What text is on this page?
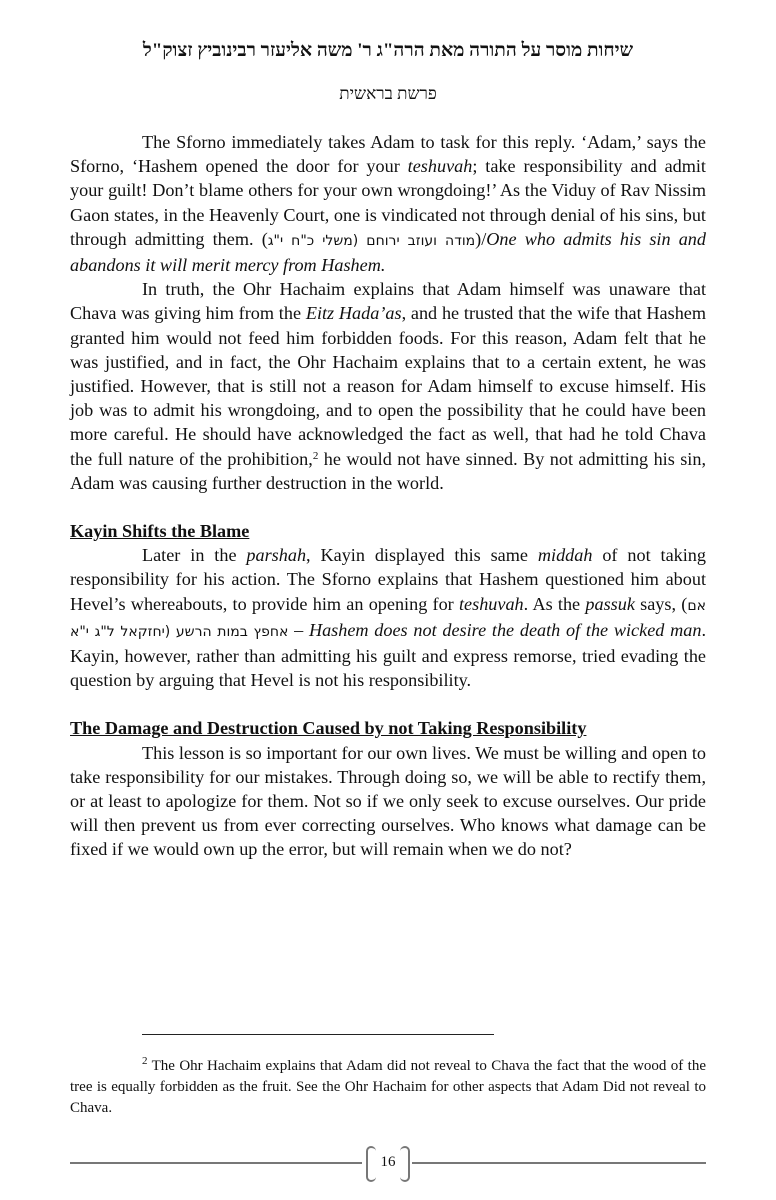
שיחות מוסר על התורה מאת הרה"ג ר' משה אליעזר רבינוביץ זצוק"ל
פרשת בראשית

The Sforno immediately takes Adam to task for this reply. ‘Adam,’ says the Sforno, ‘Hashem opened the door for your teshuvah; take responsibility and admit your guilt! Don’t blame others for your own wrongdoing!’ As the Viduy of Rav Nissim Gaon states, in the Heavenly Court, one is vindicated not through denial of his sins, but through admitting them. (מודה ועוזב ירוחם (משלי כ"ח י"ג)/One who admits his sin and abandons it will merit mercy from Hashem.

In truth, the Ohr Hachaim explains that Adam himself was unaware that Chava was giving him from the Eitz Hada’as, and he trusted that the wife that Hashem granted him would not feed him forbidden foods. For this reason, Adam felt that he was justified, and in fact, the Ohr Hachaim explains that to a certain extent, he was justified. However, that is still not a reason for Adam himself to excuse himself. His job was to admit his wrongdoing, and to open the possibility that he could have been more careful. He should have acknowledged the fact as well, that had he told Chava the full nature of the prohibition,$^2$ he would not have sinned. By not admitting his sin, Adam was causing further destruction in the world.

Kayin Shifts the Blame

Later in the parshah, Kayin displayed this same middah of not taking responsibility for his action. The Sforno explains that Hashem questioned him about Hevel’s whereabouts, to provide him an opening for teshuvah. As the passuk says, (אם אחפץ במות הרשע (יחזקאל ל"ג י"א – Hashem does not desire the death of the wicked man. Kayin, however, rather than admitting his guilt and express remorse, tried evading the question by arguing that Hevel is not his responsibility.

The Damage and Destruction Caused by not Taking Responsibility

This lesson is so important for our own lives. We must be willing and open to take responsibility for our mistakes. Through doing so, we will be able to rectify them, or at least to apologize for them. Not so if we only seek to excuse ourselves. Our pride will then prevent us from ever correcting ourselves. Who knows what damage can be fixed if we would own up the error, but will remain when we do not?

$^2$ The Ohr Hachaim explains that Adam did not reveal to Chava the fact that the wood of the tree is equally forbidden as the fruit. See the Ohr Hachaim for other aspects that Adam Did not reveal to Chava.
16
